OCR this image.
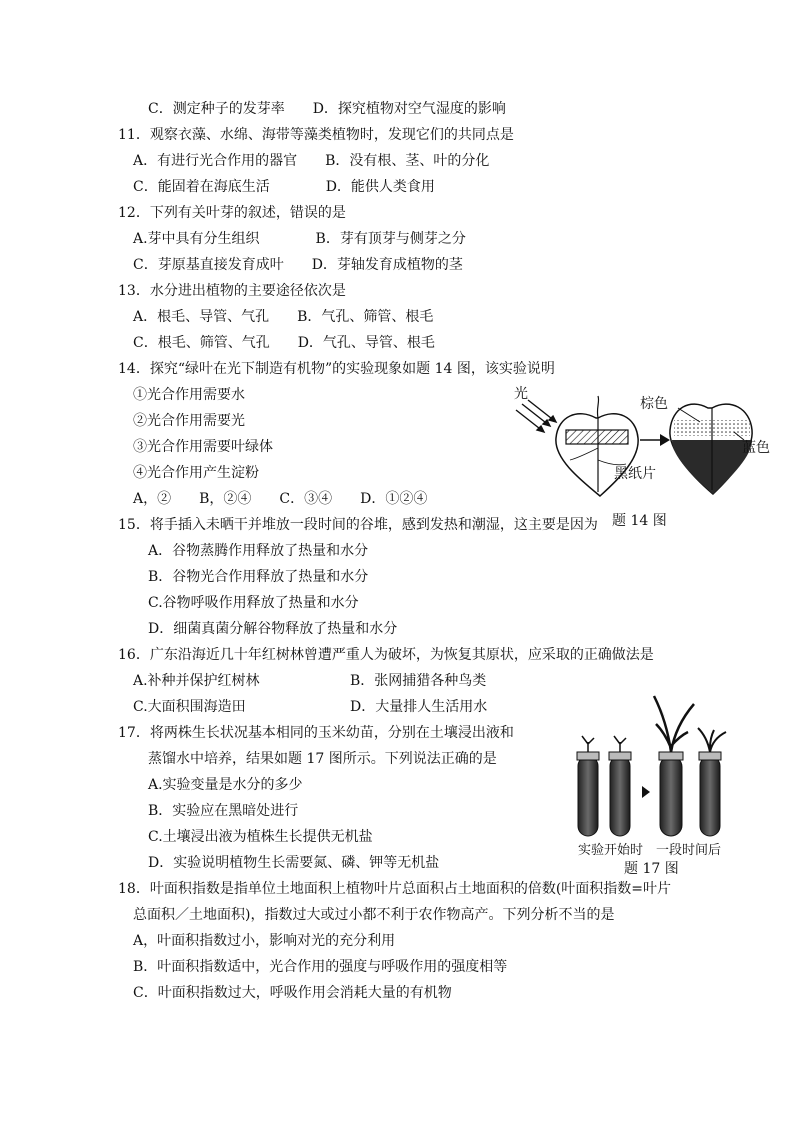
C．测定种子的发芽率　　D．探究植物对空气湿度的影响
11．观察衣藻、水绵、海带等藻类植物时，发现它们的共同点是
A．有进行光合作用的器官　　B．没有根、茎、叶的分化
C．能固着在海底生活　　　　D．能供人类食用
12．下列有关叶芽的叙述，错误的是
A.芽中具有分生组织　　　　B．芽有顶芽与侧芽之分
C．芽原基直接发育成叶　　D．芽轴发育成植物的茎
13．水分进出植物的主要途径依次是
A．根毛、导管、气孔　　B．气孔、筛管、根毛
C．根毛、筛管、气孔　　D．气孔、导管、根毛
14．探究“绿叶在光下制造有机物”的实验现象如题 14 图，该实验说明
①光合作用需要水
②光合作用需要光
③光合作用需要叶绿体
④光合作用产生淀粉
A，②　　B，②④　　C．③④　　D．①②④
15．将手插入未晒干并堆放一段时间的谷堆，感到发热和潮湿，这主要是因为
A．谷物蒸腾作用释放了热量和水分
B．谷物光合作用释放了热量和水分
C.谷物呼吸作用释放了热量和水分
D．细菌真菌分解谷物释放了热量和水分
16．广东沿海近几十年红树林曾遭严重人为破坏，为恢复其原状，应采取的正确做法是
A.补种并保护红树林	B．张网捕猎各种鸟类
C.大面积围海造田	D．大量排人生活用水
17．将两株生长状况基本相同的玉米幼苗，分别在土壤浸出液和
蒸馏水中培养，结果如题 17 图所示。下列说法正确的是
A.实验变量是水分的多少
B．实验应在黑暗处进行
C.土壤浸出液为植株生长提供无机盐
D．实验说明植物生长需要氮、磷、钾等无机盐
18．叶面积指数是指单位土地面积上植物叶片总面积占土地面积的倍数(叶面积指数=叶片
总面积／土地面积)，指数过大或过小都不利于农作物高产。下列分析不当的是
A，叶面积指数过小，影响对光的充分利用
B．叶面积指数适中，光合作用的强度与呼吸作用的强度相等
C．叶面积指数过大，呼吸作用会消耗大量的有机物
光
黑纸片
棕色
蓝色
题 14 图
实验开始时 一段时间后
题 17 图
